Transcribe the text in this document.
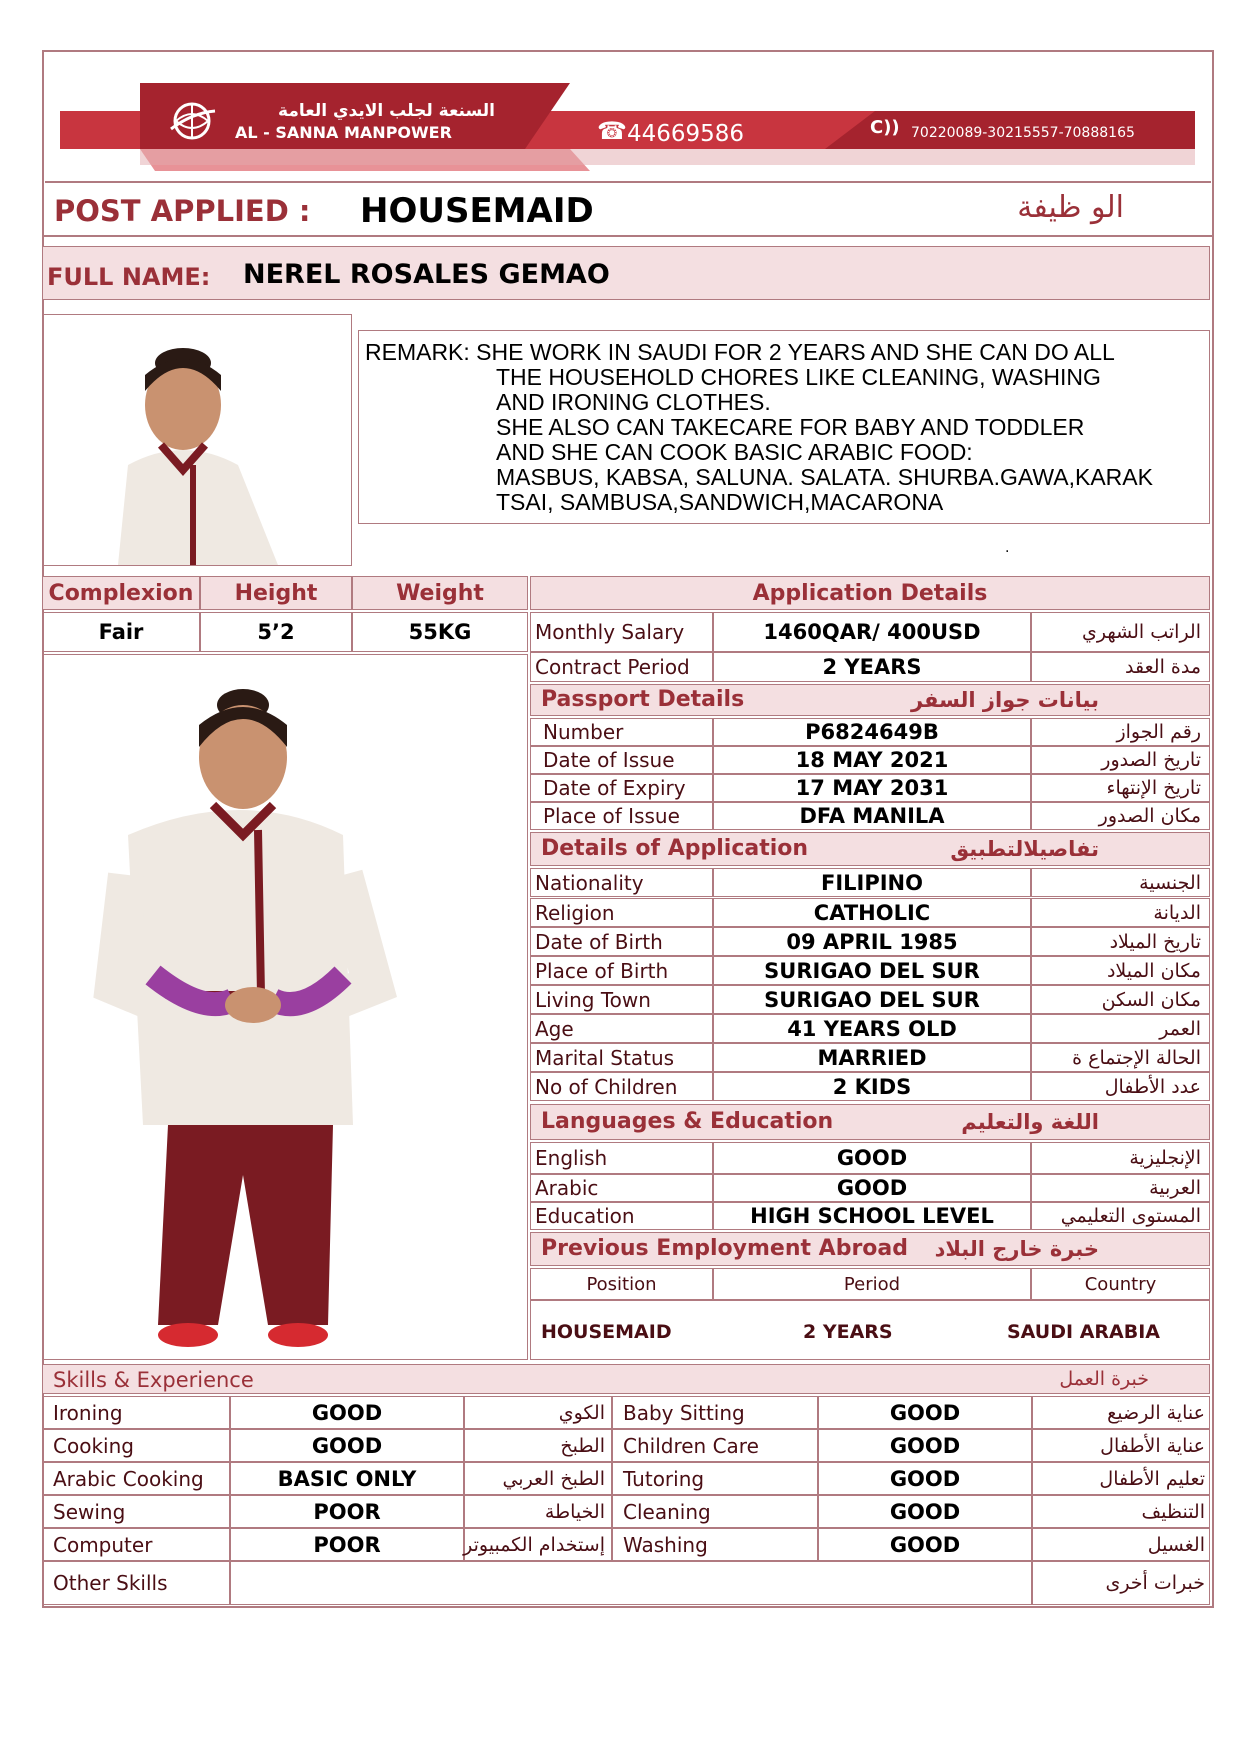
السنعة لجلب الايدي العامة
AL - SANNA MANPOWER	☎ 44669586	C)) 70220089-30215557-70888165
POST APPLIED : HOUSEMAID	الو ظيفة
FULL NAME: NEREL ROSALES GEMAO
REMARK: SHE WORK IN SAUDI FOR 2 YEARS AND SHE CAN DO ALL
THE HOUSEHOLD CHORES LIKE CLEANING, WASHING
AND IRONING CLOTHES.
SHE ALSO CAN TAKECARE FOR BABY AND TODDLER
AND SHE CAN COOK BASIC ARABIC FOOD:
MASBUS, KABSA, SALUNA. SALATA. SHURBA.GAWA,KARAK
TSAI, SAMBUSA,SANDWICH,MACARONA
.
Complexion Height	Weight
Fair	5’2	55KG
Application Details
Monthly Salary	1460QAR/ 400USD	الراتب الشهري
Contract Period	2 YEARS	مدة العقد
Passport Details	بيانات جواز السفر
Number	P6824649B	رقم الجواز
Date of Issue	18 MAY 2021	تاريخ الصدور
Date of Expiry	17 MAY 2031	تاريخ الإنتهاء
Place of Issue	DFA MANILA	مكان الصدور
Details of Application	تفاصيلالتطبيق
Nationality	FILIPINO	الجنسية
Religion	CATHOLIC	الديانة
Date of Birth	09 APRIL 1985	تاريخ الميلاد
Place of Birth	SURIGAO DEL SUR	مكان الميلاد
Living Town	SURIGAO DEL SUR	مكان السكن
Age	41 YEARS OLD	العمر
Marital Status	MARRIED	الحالة الإجتماع ة
No of Children	2 KIDS	عدد الأطفال
Languages & Education	اللغة والتعليم
English	GOOD	الإنجليزية
Arabic	GOOD	العربية
Education	HIGH SCHOOL LEVEL	المستوى التعليمي
Previous Employment Abroad خبرة خارج البلاد
Position	Period	Country
HOUSEMAID	2 YEARS	SAUDI ARABIA
Skills & Experience	خبرة العمل
Ironing	GOOD	الكوي Baby Sitting	GOOD	عناية الرضيع
Cooking	GOOD	الطبخ Children Care	GOOD	عناية الأطفال
Arabic Cooking	BASIC ONLY	الطبخ العربي Tutoring	GOOD	تعليم الأطفال
Sewing	POOR	الخياطة Cleaning	GOOD	التنظيف
Computer	POOR	إستخدام الكمبيوتر Washing	GOOD	الغسيل
Other Skills	خبرات أخرى
